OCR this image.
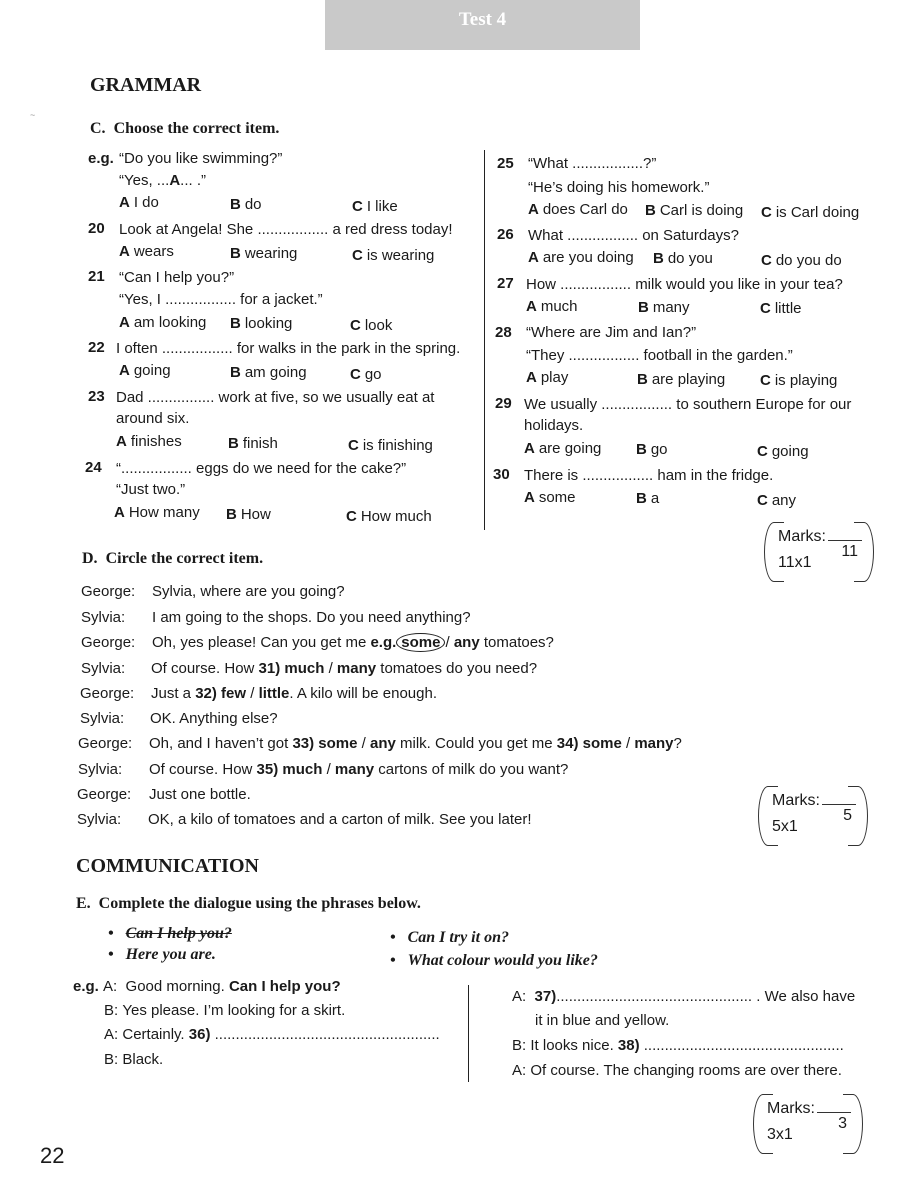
Test 4
GRAMMAR
~
C. Choose the correct item.
e.g. “Do you like swimming?”
“Yes, ...A... .”
A I do	B do	C I like
20 Look at Angela! She ................. a red dress today!
A wears	B wearing	C is wearing
21 “Can I help you?”
“Yes, I ................. for a jacket.”
A am looking B looking	C look
22 I often ................. for walks in the park in the spring.
A going	B am going	C go
23 Dad ................ work at five, so we usually eat at
around six.
A finishes	B finish	C is finishing
24 “................. eggs do we need for the cake?”
“Just two.”
A How many B How	C How much
25 “What .................?”
“He’s doing his homework.”
A does Carl do B Carl is doing C is Carl doing
26 What ................. on Saturdays?
A are you doing B do you	C do you do
27 How ................. milk would you like in your tea?
A much	B many	C little
28 “Where are Jim and Ian?”
“They ................. football in the garden.”
A play	B are playing C is playing
29 We usually ................. to southern Europe for our
holidays.
A are going B go	C going
30 There is ................. ham in the fridge.
A some	B a	C any
Marks:
11x1
11
D. Circle the correct item.
George: Sylvia, where are you going?
Sylvia: I am going to the shops. Do you need anything?
George: Oh, yes please! Can you get me e.g. some / any tomatoes?
Sylvia: Of course. How 31) much / many tomatoes do you need?
George: Just a 32) few / little. A kilo will be enough.
Sylvia: OK. Anything else?
George: Oh, and I haven’t got 33) some / any milk. Could you get me 34) some / many?
Sylvia: Of course. How 35) much / many cartons of milk do you want?
George: Just one bottle.
Sylvia: OK, a kilo of tomatoes and a carton of milk. See you later!
Marks:
5x1
5
COMMUNICATION
E. Complete the dialogue using the phrases below.
•   Can I help you?
•   Here you are.
•   Can I try it on?
•   What colour would you like?
e.g. A: Good morning. Can I help you?
B: Yes please. I’m looking for a skirt.
A: Certainly. 36) ......................................................
B: Black.
A: 37)............................................... . We also have
it in blue and yellow.
B: It looks nice. 38) ................................................
A: Of course. The changing rooms are over there.
Marks:
3x1
3
22
